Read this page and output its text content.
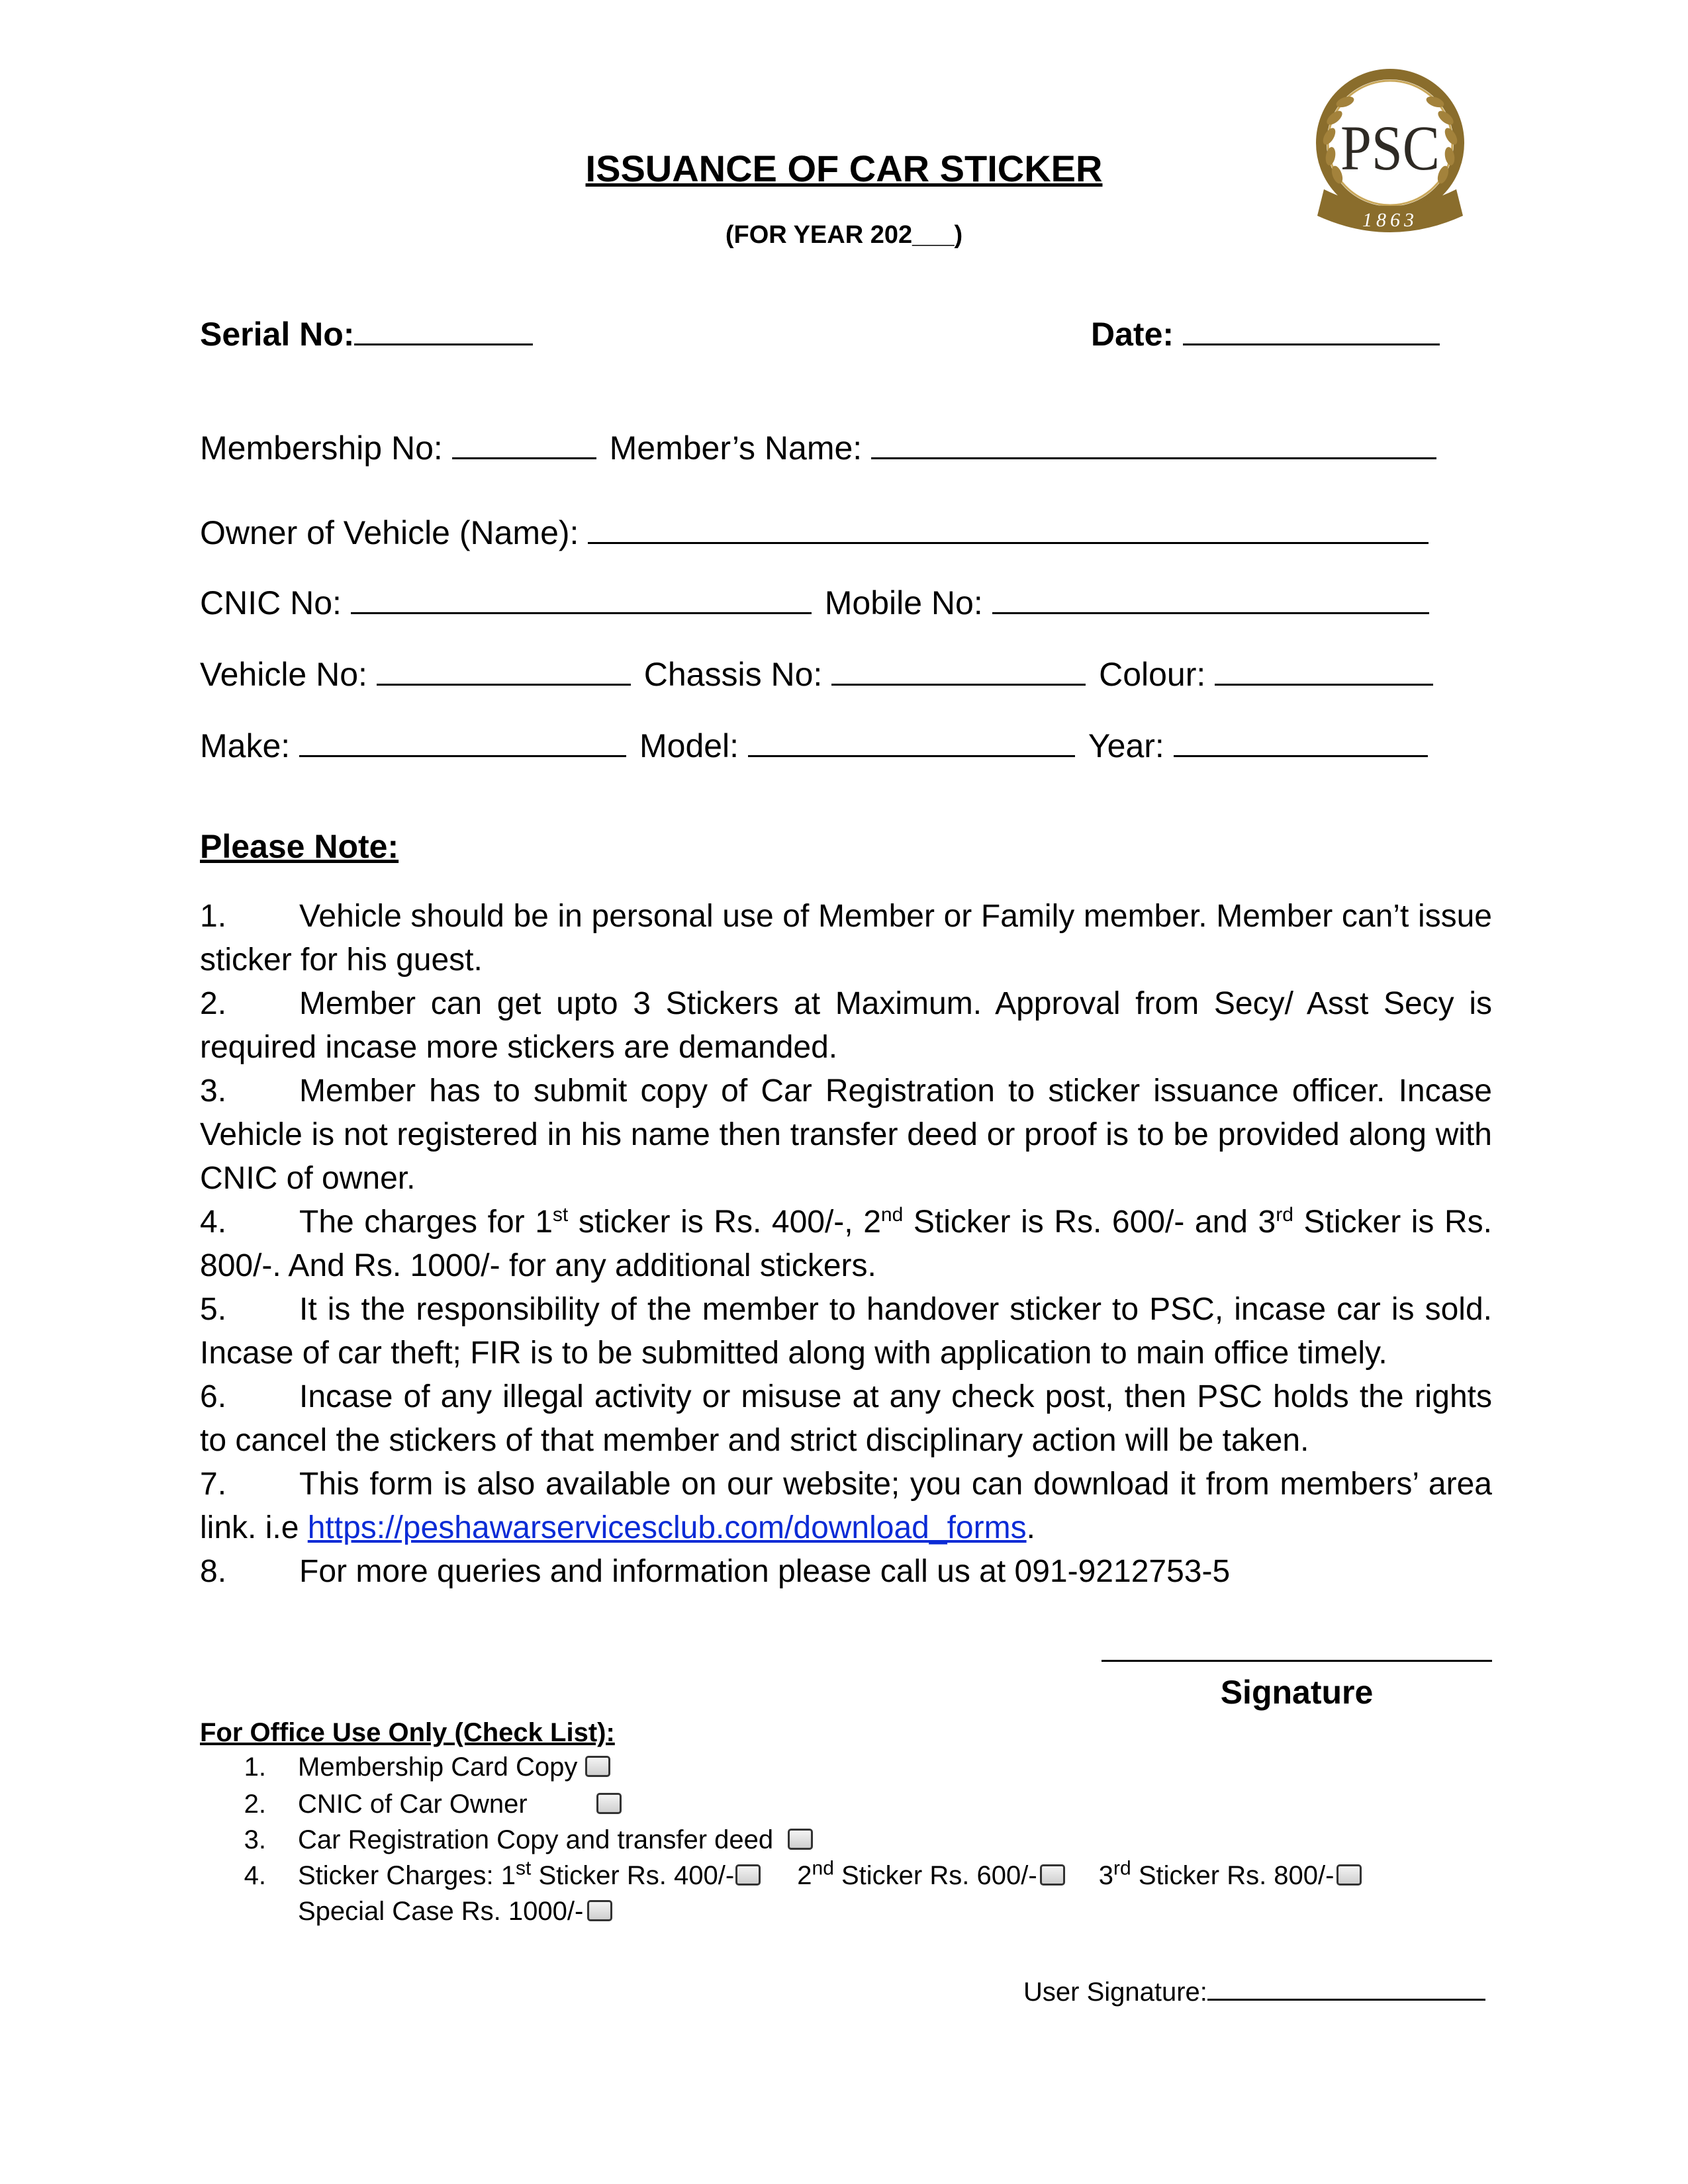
1863
PSC
ISSUANCE OF CAR STICKER
(FOR YEAR 202___)
Serial No:	Date:
Membership No:	Member’s Name:
Owner of Vehicle (Name):
CNIC No:	Mobile No:
Vehicle No:	Chassis No:	Colour:
Make:	Model:	Year:
Please Note:
1. Vehicle should be in personal use of Member or Family member. Member can’t issue sticker for his guest.
2. Member can get upto 3 Stickers at Maximum. Approval from Secy/ Asst Secy is required incase more stickers are demanded.
3. Member has to submit copy of Car Registration to sticker issuance officer. Incase Vehicle is not registered in his name then transfer deed or proof is to be provided along with CNIC of owner.
4. The charges for 1st sticker is Rs. 400/-, 2nd Sticker is Rs. 600/- and 3rd Sticker is Rs. 800/-. And Rs. 1000/- for any additional stickers.
5. It is the responsibility of the member to handover sticker to PSC, incase car is sold. Incase of car theft; FIR is to be submitted along with application to main office timely.
6. Incase of any illegal activity or misuse at any check post, then PSC holds the rights to cancel the stickers of that member and strict disciplinary action will be taken.
7. This form is also available on our website; you can download it from members’ area link. i.e https://peshawarservicesclub.com/download_forms.
8. For more queries and information please call us at 091-9212753-5
Signature
For Office Use Only (Check List):
1. Membership Card Copy
2. CNIC of Car Owner
3. Car Registration Copy and transfer deed
4. Sticker Charges: 1st Sticker Rs. 400/- 2nd Sticker Rs. 600/- 3rd Sticker Rs. 800/-
Special Case Rs. 1000/-
User Signature:
